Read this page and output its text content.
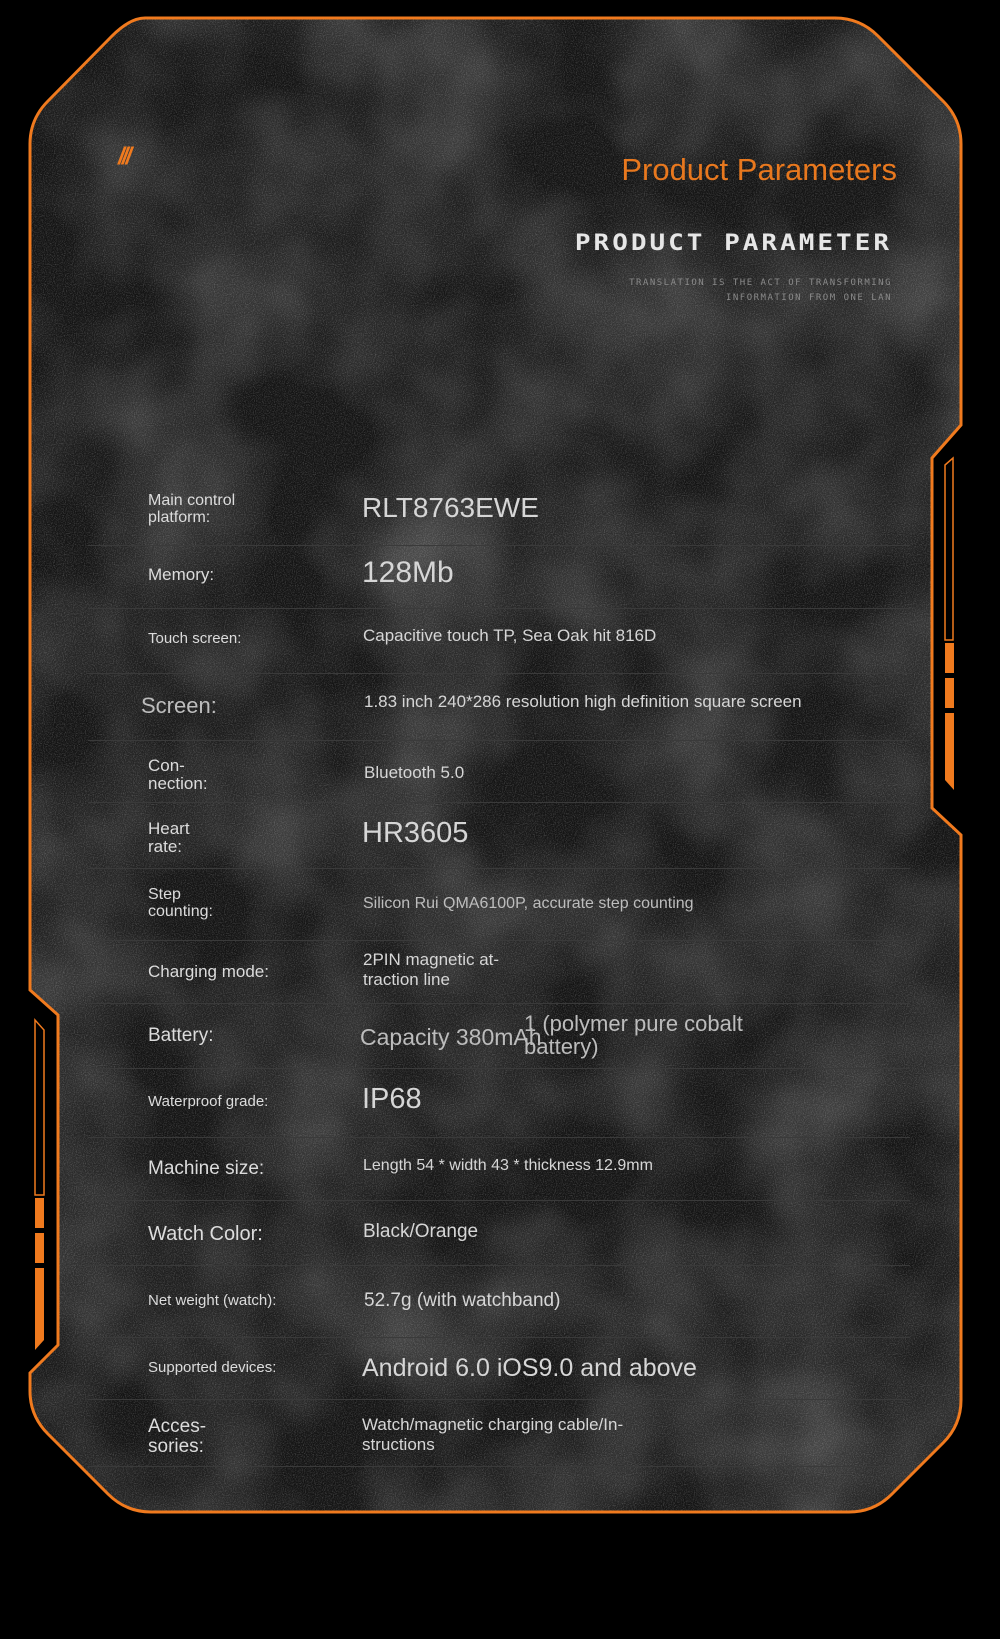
///	Product Parameters
PRODUCT PARAMETER
TRANSLATION IS THE ACT OF TRANSFORMING
INFORMATION FROM ONE LAN
Main control platform:	RLT8763EWE
Memory:	128Mb
Touch screen:	Capacitive touch TP, Sea Oak hit 816D
Screen:	1.83 inch 240*286 resolution high definition square screen
Con-nection:
Bluetooth 5.0
Heart rate:	HR3605
Step counting:	Silicon Rui QMA6100P, accurate step counting
Charging mode:
2PIN magnetic at-traction line
Battery:	Capacity 380mAh
1 (polymer pure cobalt battery)
Waterproof grade:	IP68
Machine size:	Length 54 * width 43 * thickness 12.9mm
Watch Color:	Black/Orange
Net weight (watch):	52.7g (with watchband)
Supported devices:	Android 6.0 iOS9.0 and above
Acces-sories:
Watch/magnetic charging cable/In-structions
